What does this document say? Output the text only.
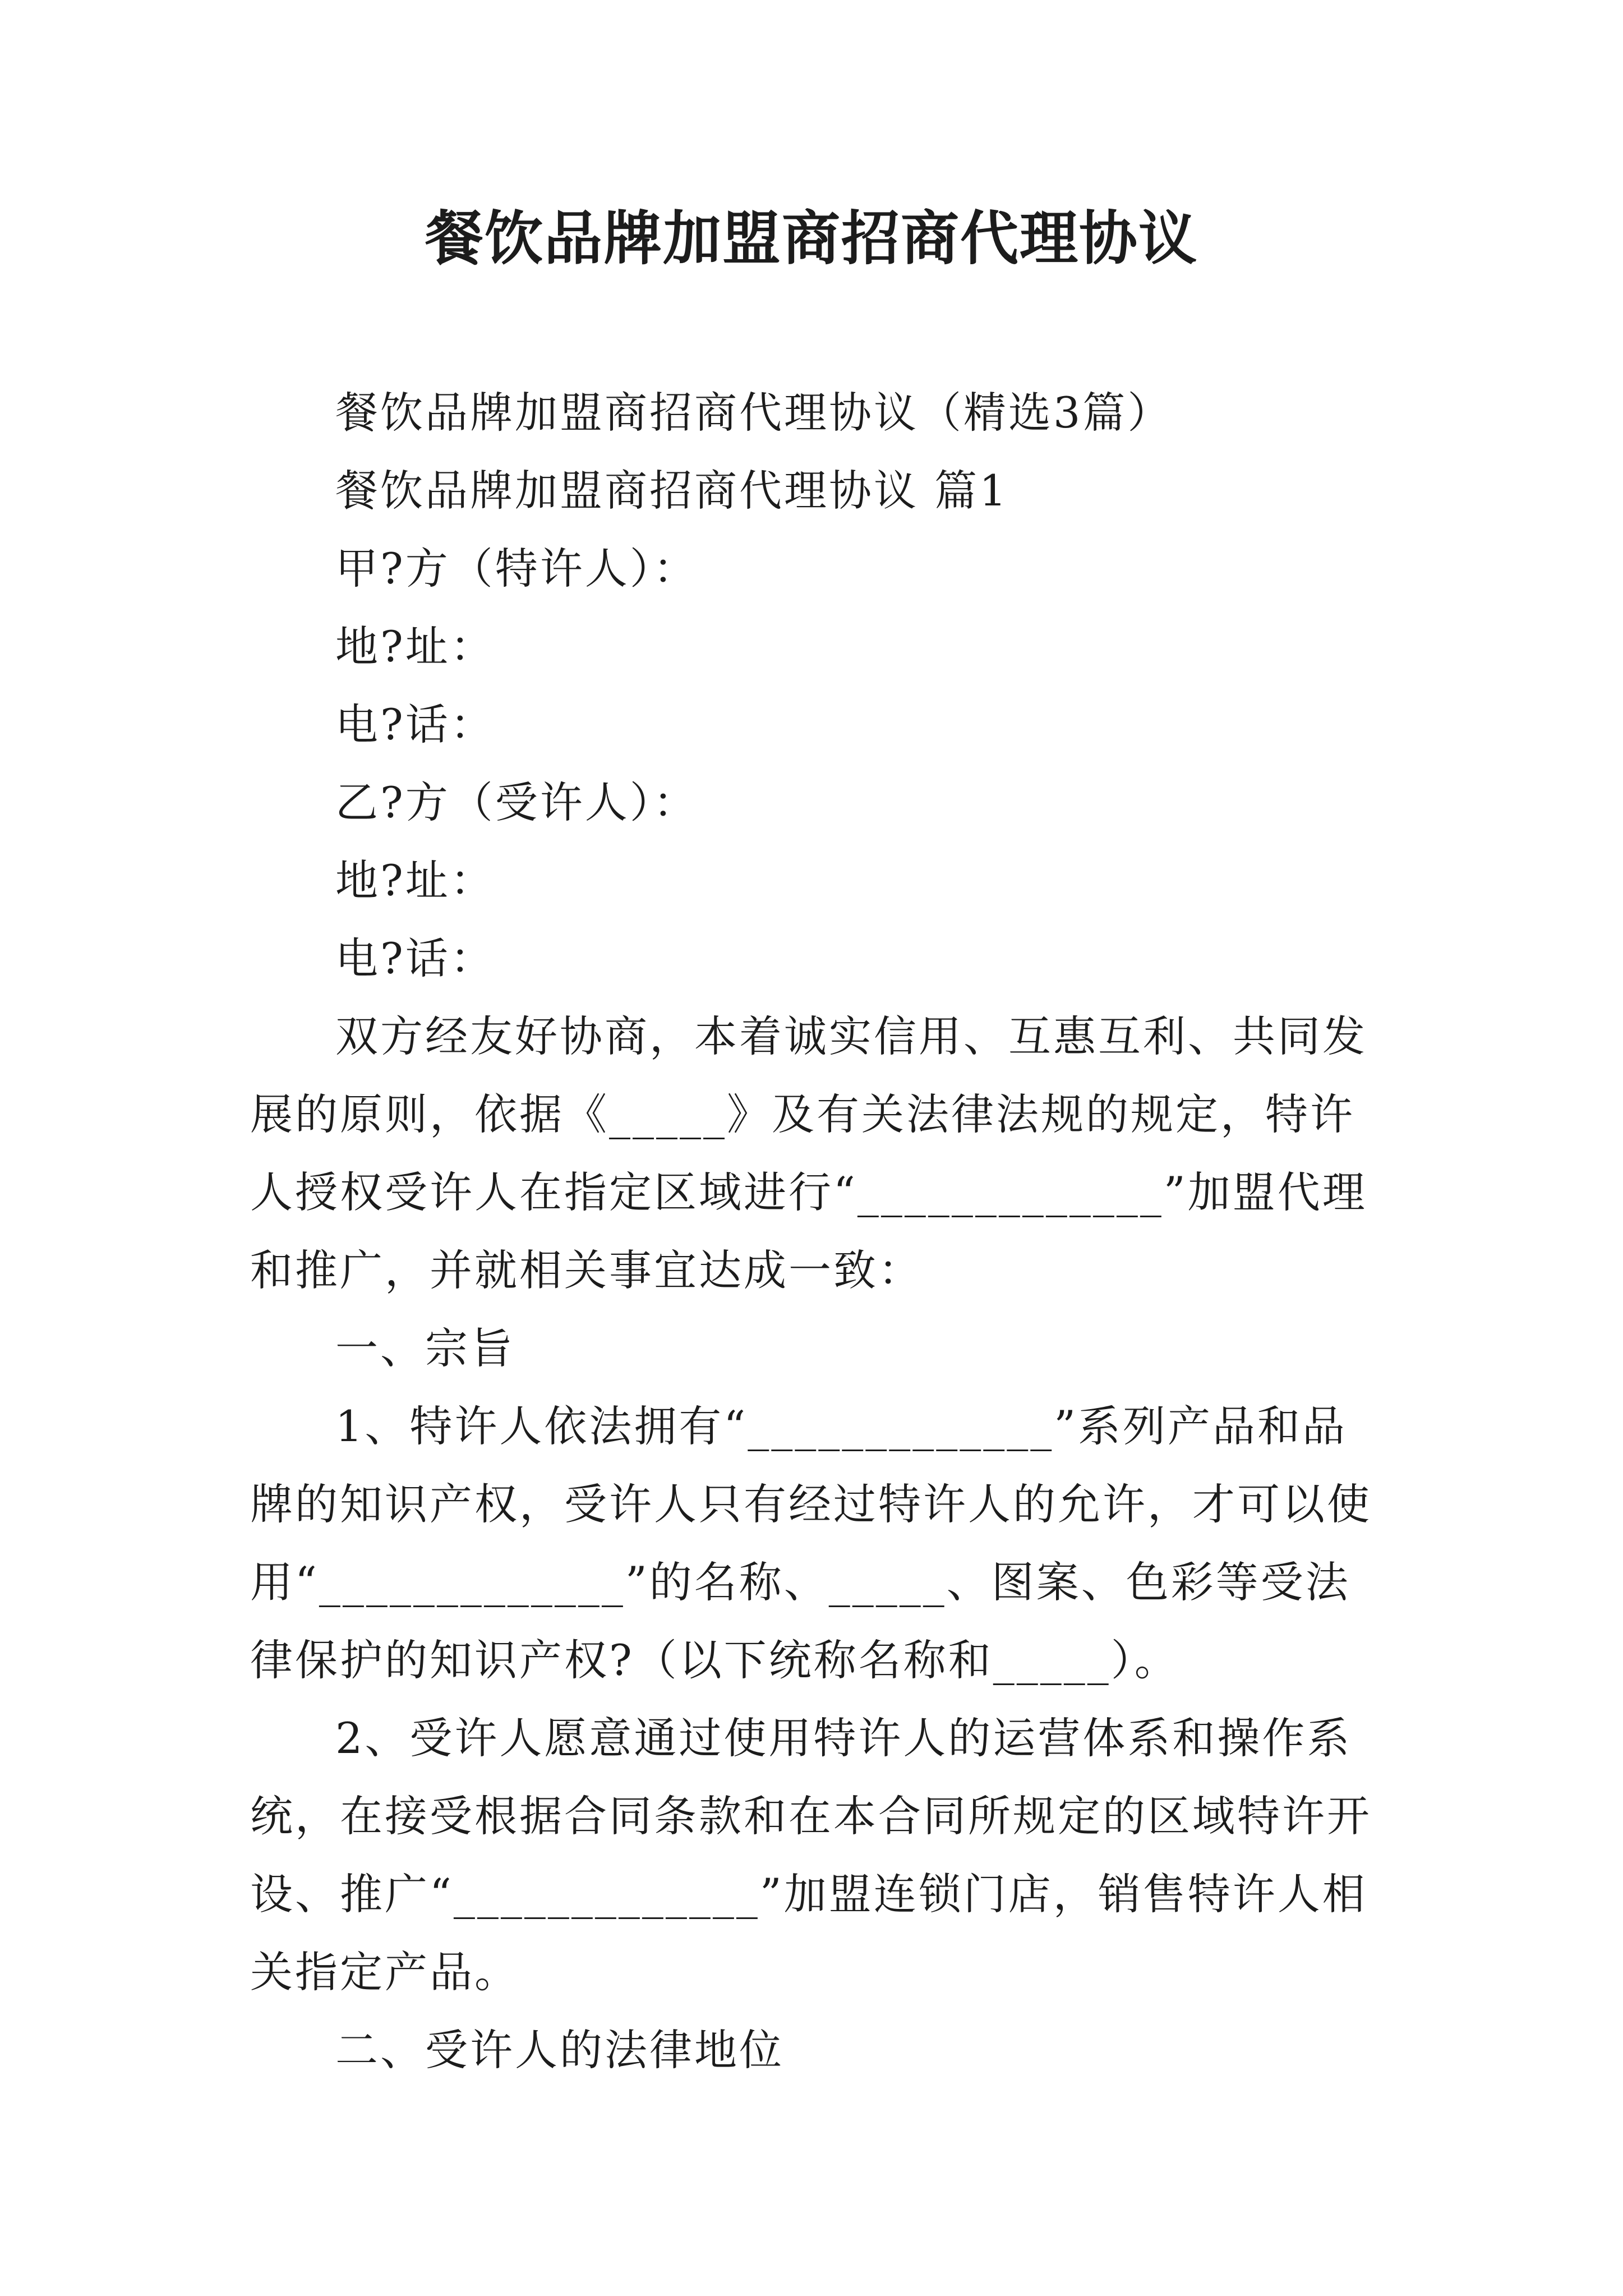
餐饮品牌加盟商招商代理协议

餐饮品牌加盟商招商代理协议（精选3篇）

餐饮品牌加盟商招商代理协议 篇1

甲?方（特许人）：

地?址：

电?话：

乙?方（受许人）：

地?址：

电?话：

双方经友好协商，本着诚实信用、互惠互利、共同发展的原则，依据《_____》及有关法律法规的规定，特许人授权受许人在指定区域进行“_____________”加盟代理和推广，并就相关事宜达成一致：

一、宗旨

1、特许人依法拥有“_____________”系列产品和品牌的知识产权，受许人只有经过特许人的允许，才可以使用“_____________”的名称、_____、图案、色彩等受法律保护的知识产权?（以下统称名称和_____）。

2、受许人愿意通过使用特许人的运营体系和操作系统，在接受根据合同条款和在本合同所规定的区域特许开设、推广“_____________”加盟连锁门店，销售特许人相关指定产品。

二、受许人的法律地位
